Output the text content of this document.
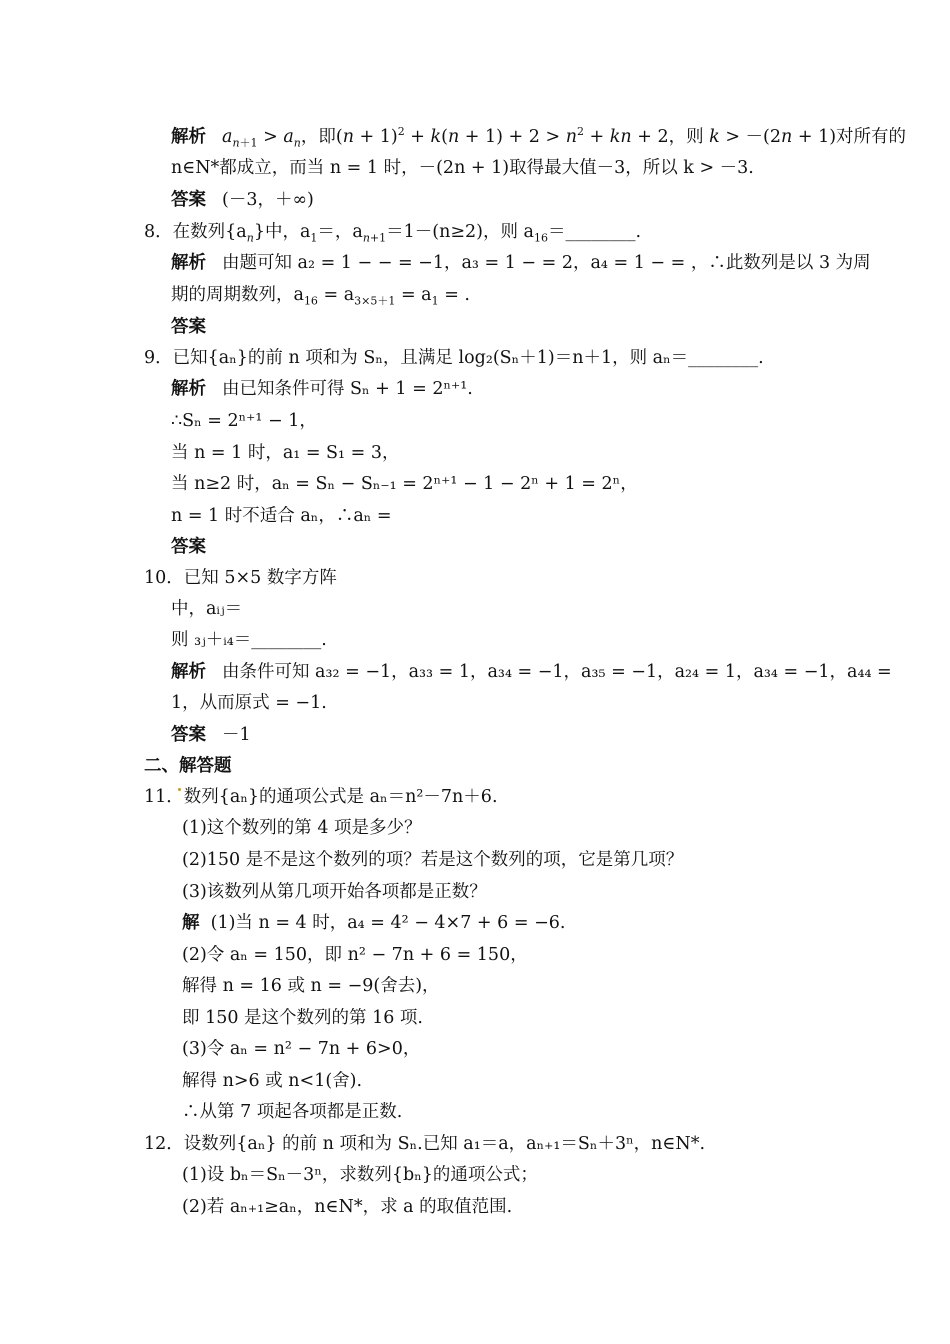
解析 $a_{n+1} > a_n$，即$(n + 1)^2 + k(n + 1) + 2 > n^2$ + kn + 2，则 k > －(2n + 1)对所有的
n∈N*都成立，而当 n = 1 时，－(2n + 1)取得最大值－3，所以 k > －3.
答案 (－3，＋∞)
8．在数列$\{a_n\}$中，$a_1=$，$a_{n+1}=1-(n\ge 2)$，则 $a_{16}=\_\_\_\_\_\_\_\_$.
解析 由题可知 a₂ = 1 − − = −1，a₃ = 1 − = 2，a₄ = 1 − = ，∴此数列是以 3 为周
期的周期数列，$a_{16} = a_{3\times 5+1} = a_1$ = .
答案
9．已知{aₙ}的前 n 项和为 Sₙ，且满足 log₂(Sₙ＋1)＝n＋1，则 aₙ＝________.
解析 由已知条件可得 Sₙ + 1 = 2ⁿ⁺¹.
∴Sₙ = 2ⁿ⁺¹ − 1，
当 n = 1 时，a₁ = S₁ = 3，
当 n≥2 时，aₙ = Sₙ − Sₙ₋₁ = 2ⁿ⁺¹ − 1 − 2ⁿ + 1 = 2ⁿ，
n = 1 时不适合 aₙ，∴aₙ =
答案
10．已知 5×5 数字方阵
中，aᵢⱼ＝
则 ₃ⱼ＋ᵢ₄＝________.
解析 由条件可知 a₃₂ = −1，a₃₃ = 1，a₃₄ = −1，a₃₅ = −1，a₂₄ = 1，a₃₄ = −1，a₄₄ =
1，从而原式 = −1.
答案 －1
二、解答题
11．数列{aₙ}的通项公式是 aₙ＝n²－7n＋6.
(1)这个数列的第 4 项是多少？
(2)150 是不是这个数列的项？若是这个数列的项，它是第几项？
(3)该数列从第几项开始各项都是正数？
解 (1)当 n = 4 时，a₄ = 4² − 4×7 + 6 = −6.
(2)令 aₙ = 150，即 n² − 7n + 6 = 150，
解得 n = 16 或 n = −9(舍去)，
即 150 是这个数列的第 16 项.
(3)令 aₙ = n² − 7n + 6>0，
解得 n>6 或 n<1(舍).
∴从第 7 项起各项都是正数.
12．设数列{aₙ} 的前 n 项和为 Sₙ.已知 a₁＝a，aₙ₊₁＝Sₙ＋3ⁿ，n∈N*.
(1)设 bₙ＝Sₙ－3ⁿ，求数列{bₙ}的通项公式；
(2)若 aₙ₊₁≥aₙ，n∈N*，求 a 的取值范围.
